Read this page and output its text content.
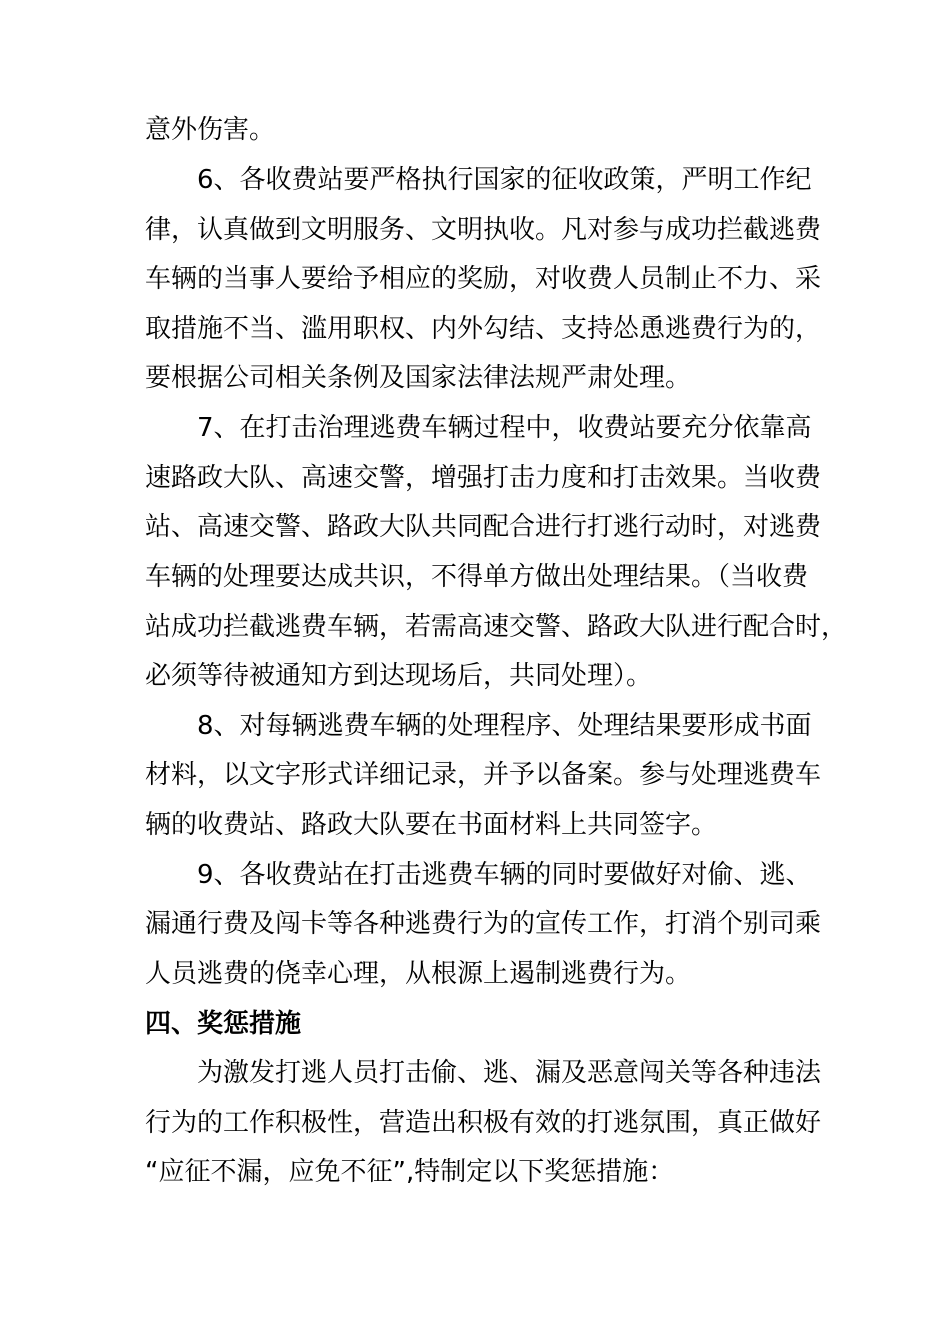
意外伤害。
6、各收费站要严格执行国家的征收政策，严明工作纪
律，认真做到文明服务、文明执收。凡对参与成功拦截逃费
车辆的当事人要给予相应的奖励，对收费人员制止不力、采
取措施不当、滥用职权、内外勾结、支持怂恿逃费行为的，
要根据公司相关条例及国家法律法规严肃处理。
7、在打击治理逃费车辆过程中，收费站要充分依靠高
速路政大队、高速交警，增强打击力度和打击效果。当收费
站、高速交警、路政大队共同配合进行打逃行动时，对逃费
车辆的处理要达成共识，不得单方做出处理结果。（当收费
站成功拦截逃费车辆，若需高速交警、路政大队进行配合时，
必须等待被通知方到达现场后，共同处理）。
8、对每辆逃费车辆的处理程序、处理结果要形成书面
材料，以文字形式详细记录，并予以备案。参与处理逃费车
辆的收费站、路政大队要在书面材料上共同签字。
9、各收费站在打击逃费车辆的同时要做好对偷、逃、
漏通行费及闯卡等各种逃费行为的宣传工作，打消个别司乘
人员逃费的侥幸心理，从根源上遏制逃费行为。
四、奖惩措施
为激发打逃人员打击偷、逃、漏及恶意闯关等各种违法
行为的工作积极性，营造出积极有效的打逃氛围，真正做好
“应征不漏，应免不征”,特制定以下奖惩措施：
